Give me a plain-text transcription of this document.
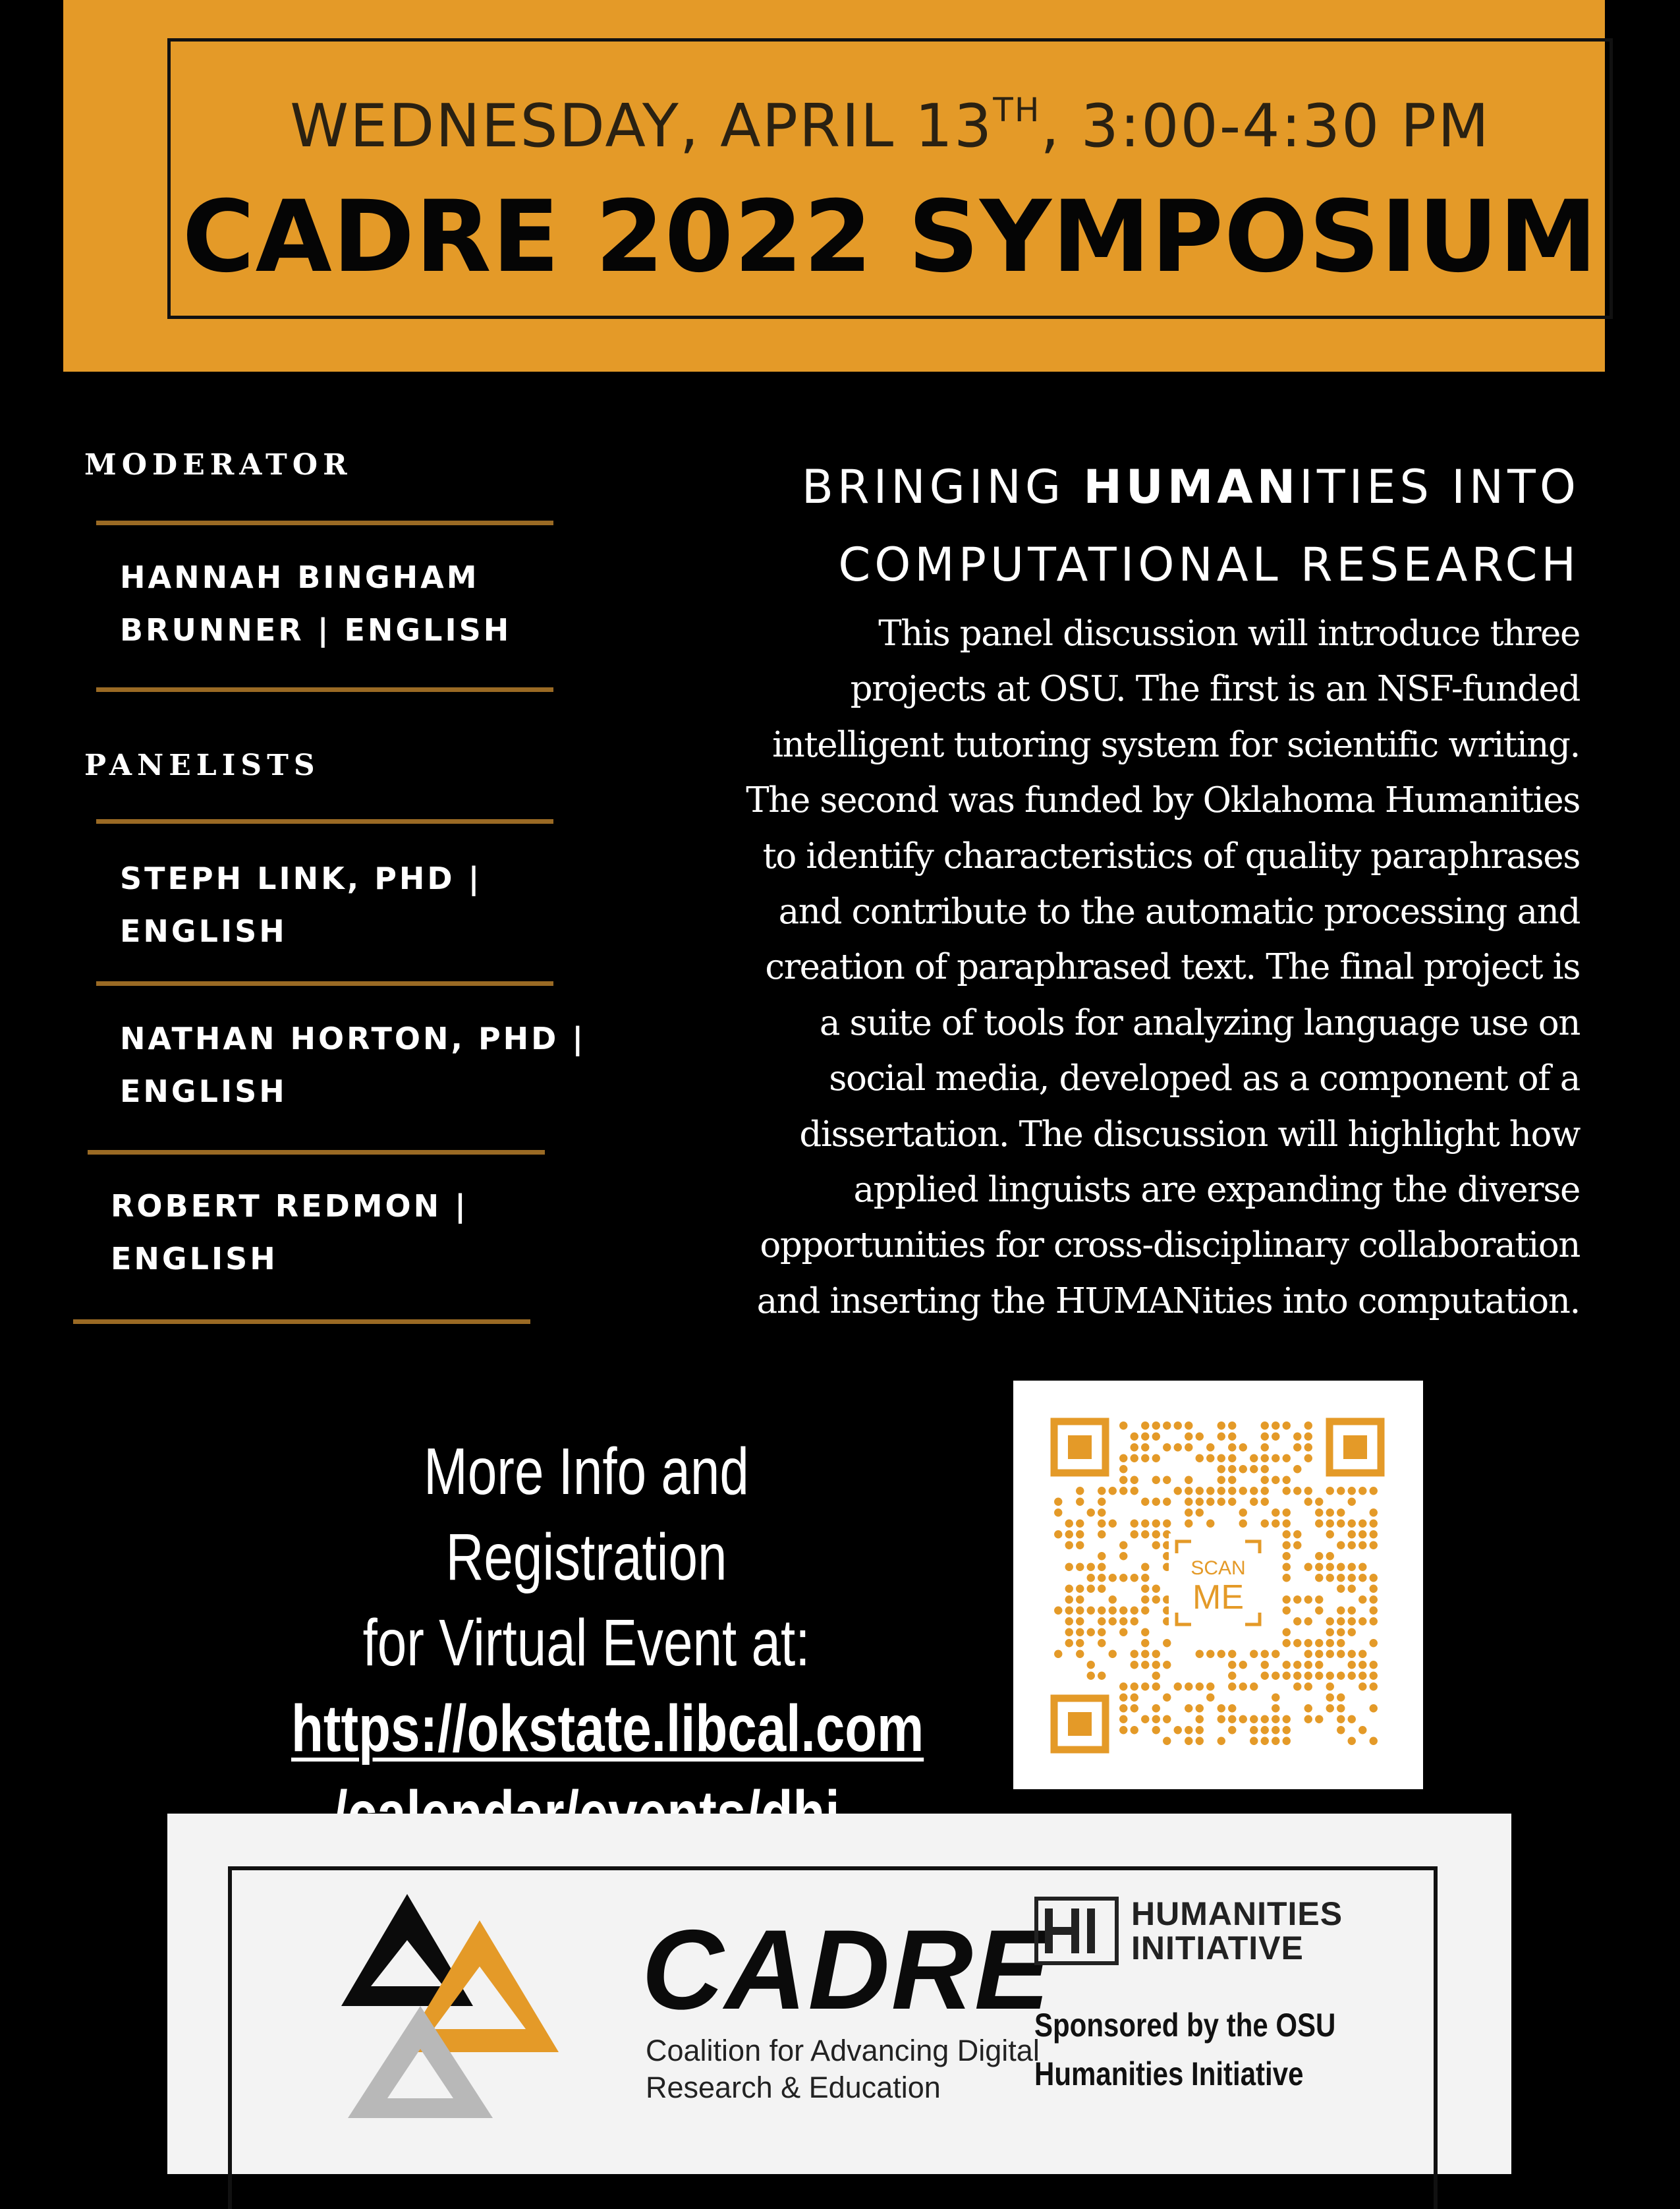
WEDNESDAY, APRIL 13TH, 3:00-4:30 PM
CADRE 2022 SYMPOSIUM
MODERATOR
HANNAH BINGHAM
BRUNNER | ENGLISH
PANELISTS
STEPH LINK, PHD |
ENGLISH
NATHAN HORTON, PHD |
ENGLISH
ROBERT REDMON |
ENGLISH
BRINGING HUMANITIES INTO
COMPUTATIONAL RESEARCH
This panel discussion will introduce three
projects at OSU. The first is an NSF-funded
intelligent tutoring system for scientific writing.
The second was funded by Oklahoma Humanities
to identify characteristics of quality paraphrases
and contribute to the automatic processing and
creation of paraphrased text. The final project is
a suite of tools for analyzing language use on
social media, developed as a component of a
dissertation. The discussion will highlight how
applied linguists are expanding the diverse
opportunities for cross-disciplinary collaboration
and inserting the HUMANities into computation.
More Info and Registration
for Virtual Event at:
https://okstate.libcal.com
SCAN
ME
CADRE
Coalition for Advancing Digital
Research & Education
HI
HUMANITIES
INITIATIVE
Sponsored by the OSU
Humanities Initiative
